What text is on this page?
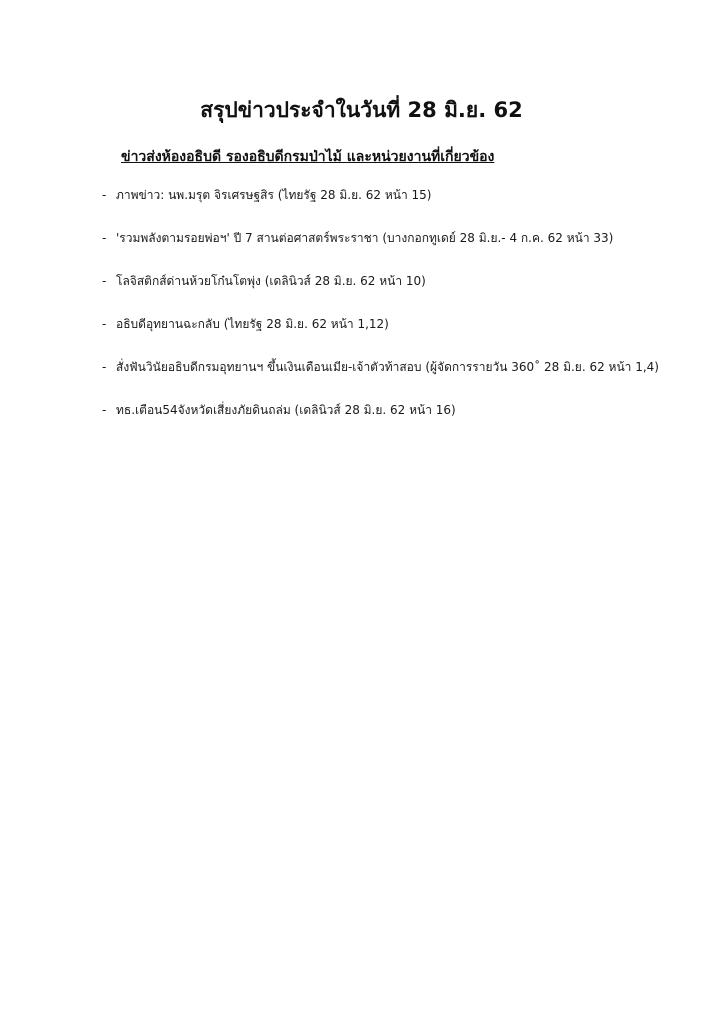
สรุปข่าวประจำในวันที่ 28 มิ.ย. 62
ข่าวส่งห้องอธิบดี รองอธิบดีกรมป่าไม้ และหน่วยงานที่เกี่ยวข้อง
- ภาพข่าว: นพ.มรุต จิรเศรษฐสิร (ไทยรัฐ 28 มิ.ย. 62 หน้า 15)
- 'รวมพลังตามรอยพ่อฯ' ปี 7 สานต่อศาสตร์พระราชา (บางกอกทูเดย์ 28 มิ.ย.- 4 ก.ค. 62 หน้า 33)
- โลจิสติกส์ด่านห้วยโก๋นโตพุ่ง (เดลินิวส์ 28 มิ.ย. 62 หน้า 10)
- อธิบดีอุทยานฉะกลับ (ไทยรัฐ 28 มิ.ย. 62 หน้า 1,12)
- สั่งฟันวินัยอธิบดีกรมอุทยานฯ ขึ้นเงินเดือนเมีย-เจ้าตัวท้าสอบ (ผู้จัดการรายวัน 360˚ 28 มิ.ย. 62 หน้า 1,4)
- ทธ.เตือน54จังหวัดเสี่ยงภัยดินถล่ม (เดลินิวส์ 28 มิ.ย. 62 หน้า 16)
